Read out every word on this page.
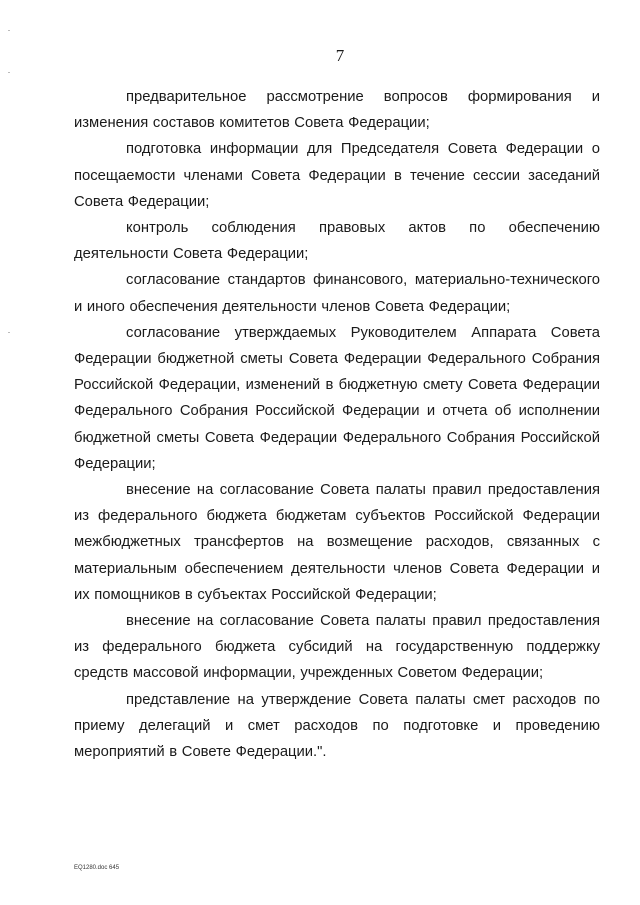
7

предварительное рассмотрение вопросов формирования и изменения составов комитетов Совета Федерации;

подготовка информации для Председателя Совета Федерации о посещаемости членами Совета Федерации в течение сессии заседаний Совета Федерации;

контроль соблюдения правовых актов по обеспечению деятельности Совета Федерации;

согласование стандартов финансового, материально-технического и иного обеспечения деятельности членов Совета Федерации;

согласование утверждаемых Руководителем Аппарата Совета Федерации бюджетной сметы Совета Федерации Федерального Собрания Российской Федерации, изменений в бюджетную смету Совета Федерации Федерального Собрания Российской Федерации и отчета об исполнении бюджетной сметы Совета Федерации Федерального Собрания Российской Федерации;

внесение на согласование Совета палаты правил предоставления из федерального бюджета бюджетам субъектов Российской Федерации межбюджетных трансфертов на возмещение расходов, связанных с материальным обеспечением деятельности членов Совета Федерации и их помощников в субъектах Российской Федерации;

внесение на согласование Совета палаты правил предоставления из федерального бюджета субсидий на государственную поддержку средств массовой информации, учрежденных Советом Федерации;

представление на утверждение Совета палаты смет расходов по приему делегаций и смет расходов по подготовке и проведению мероприятий в Совете Федерации.".

EQ1280.doc 645
